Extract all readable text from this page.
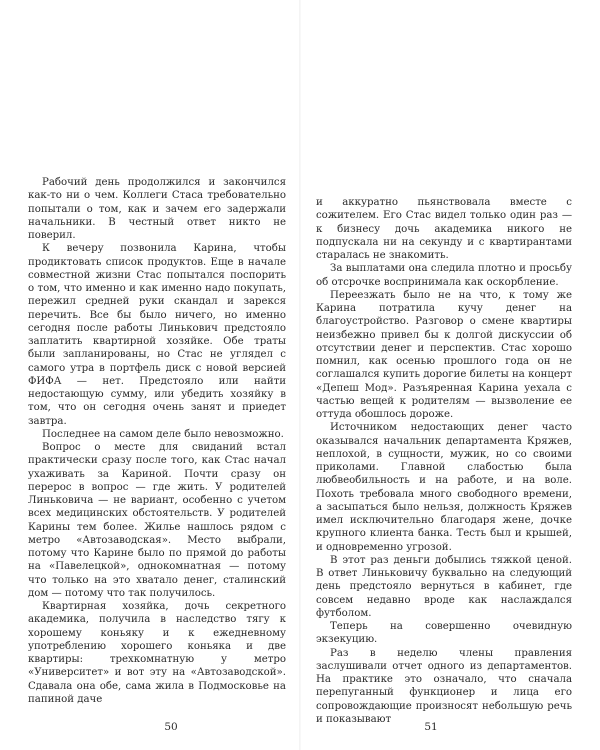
Рабочий день продолжился и закончился как-то ни о чем. Коллеги Стаса требовательно попытали о том, как и зачем его задержали начальники. В честный ответ никто не поверил.

К вечеру позвонила Карина, чтобы продиктовать список продуктов. Еще в начале совместной жизни Стас попытался поспорить о том, что именно и как именно надо покупать, пережил средней руки скандал и зарекся перечить. Все бы было ничего, но именно сегодня после работы Линькович предстояло заплатить квартирной хозяйке. Обе траты были запланированы, но Стас не углядел с самого утра в портфель диск с новой версией ФИФА — нет. Предстояло или найти недостающую сумму, или убедить хозяйку в том, что он сегодня очень занят и приедет завтра.

Последнее на самом деле было невозможно.

Вопрос о месте для свиданий встал практически сразу после того, как Стас начал ухаживать за Кариной. Почти сразу он перерос в вопрос — где жить. У родителей Линьковича — не вариант, особенно с учетом всех медицинских обстоятельств. У родителей Карины тем более. Жилье нашлось рядом с метро «Автозаводская». Место выбрали, потому что Карине было по прямой до работы на «Павелецкой», однокомнатная — потому что только на это хватало денег, сталинский дом — потому что так получилось.

Квартирная хозяйка, дочь секретного академика, получила в наследство тягу к хорошему коньяку и к ежедневному употреблению хорошего коньяка и две квартиры: трехкомнатную у метро «Университет» и вот эту на «Автозаводской». Сдавала она обе, сама жила в Подмосковье на папиной даче

50

и аккуратно пьянствовала вместе с сожителем. Его Стас видел только один раз — к бизнесу дочь академика никого не подпускала ни на секунду и с квартирантами старалась не знакомить.

За выплатами она следила плотно и просьбу об отсрочке воспринимала как оскорбление.

Переезжать было не на что, к тому же Карина потратила кучу денег на благоустройство. Разговор о смене квартиры неизбежно привел бы к долгой дискуссии об отсутствии денег и перспектив. Стас хорошо помнил, как осенью прошлого года он не соглашался купить дорогие билеты на концерт «Депеш Мод». Разъяренная Карина уехала с частью вещей к родителям — вызволение ее оттуда обошлось дороже.

Источником недостающих денег часто оказывался начальник департамента Кряжев, неплохой, в сущности, мужик, но со своими приколами. Главной слабостью была любвеобильность и на работе, и на воле. Похоть требовала много свободного времени, а засыпаться было нельзя, должность Кряжев имел исключительно благодаря жене, дочке крупного клиента банка. Тесть был и крышей, и одновременно угрозой.

В этот раз деньги добылись тяжкой ценой. В ответ Линьковичу буквально на следующий день предстояло вернуться в кабинет, где совсем недавно вроде как наслаждался футболом.

Теперь на совершенно очевидную экзекуцию.

Раз в неделю члены правления заслушивали отчет одного из департаментов. На практике это означало, что сначала перепуганный функционер и лица его сопровождающие произносят небольшую речь и показывают

51
